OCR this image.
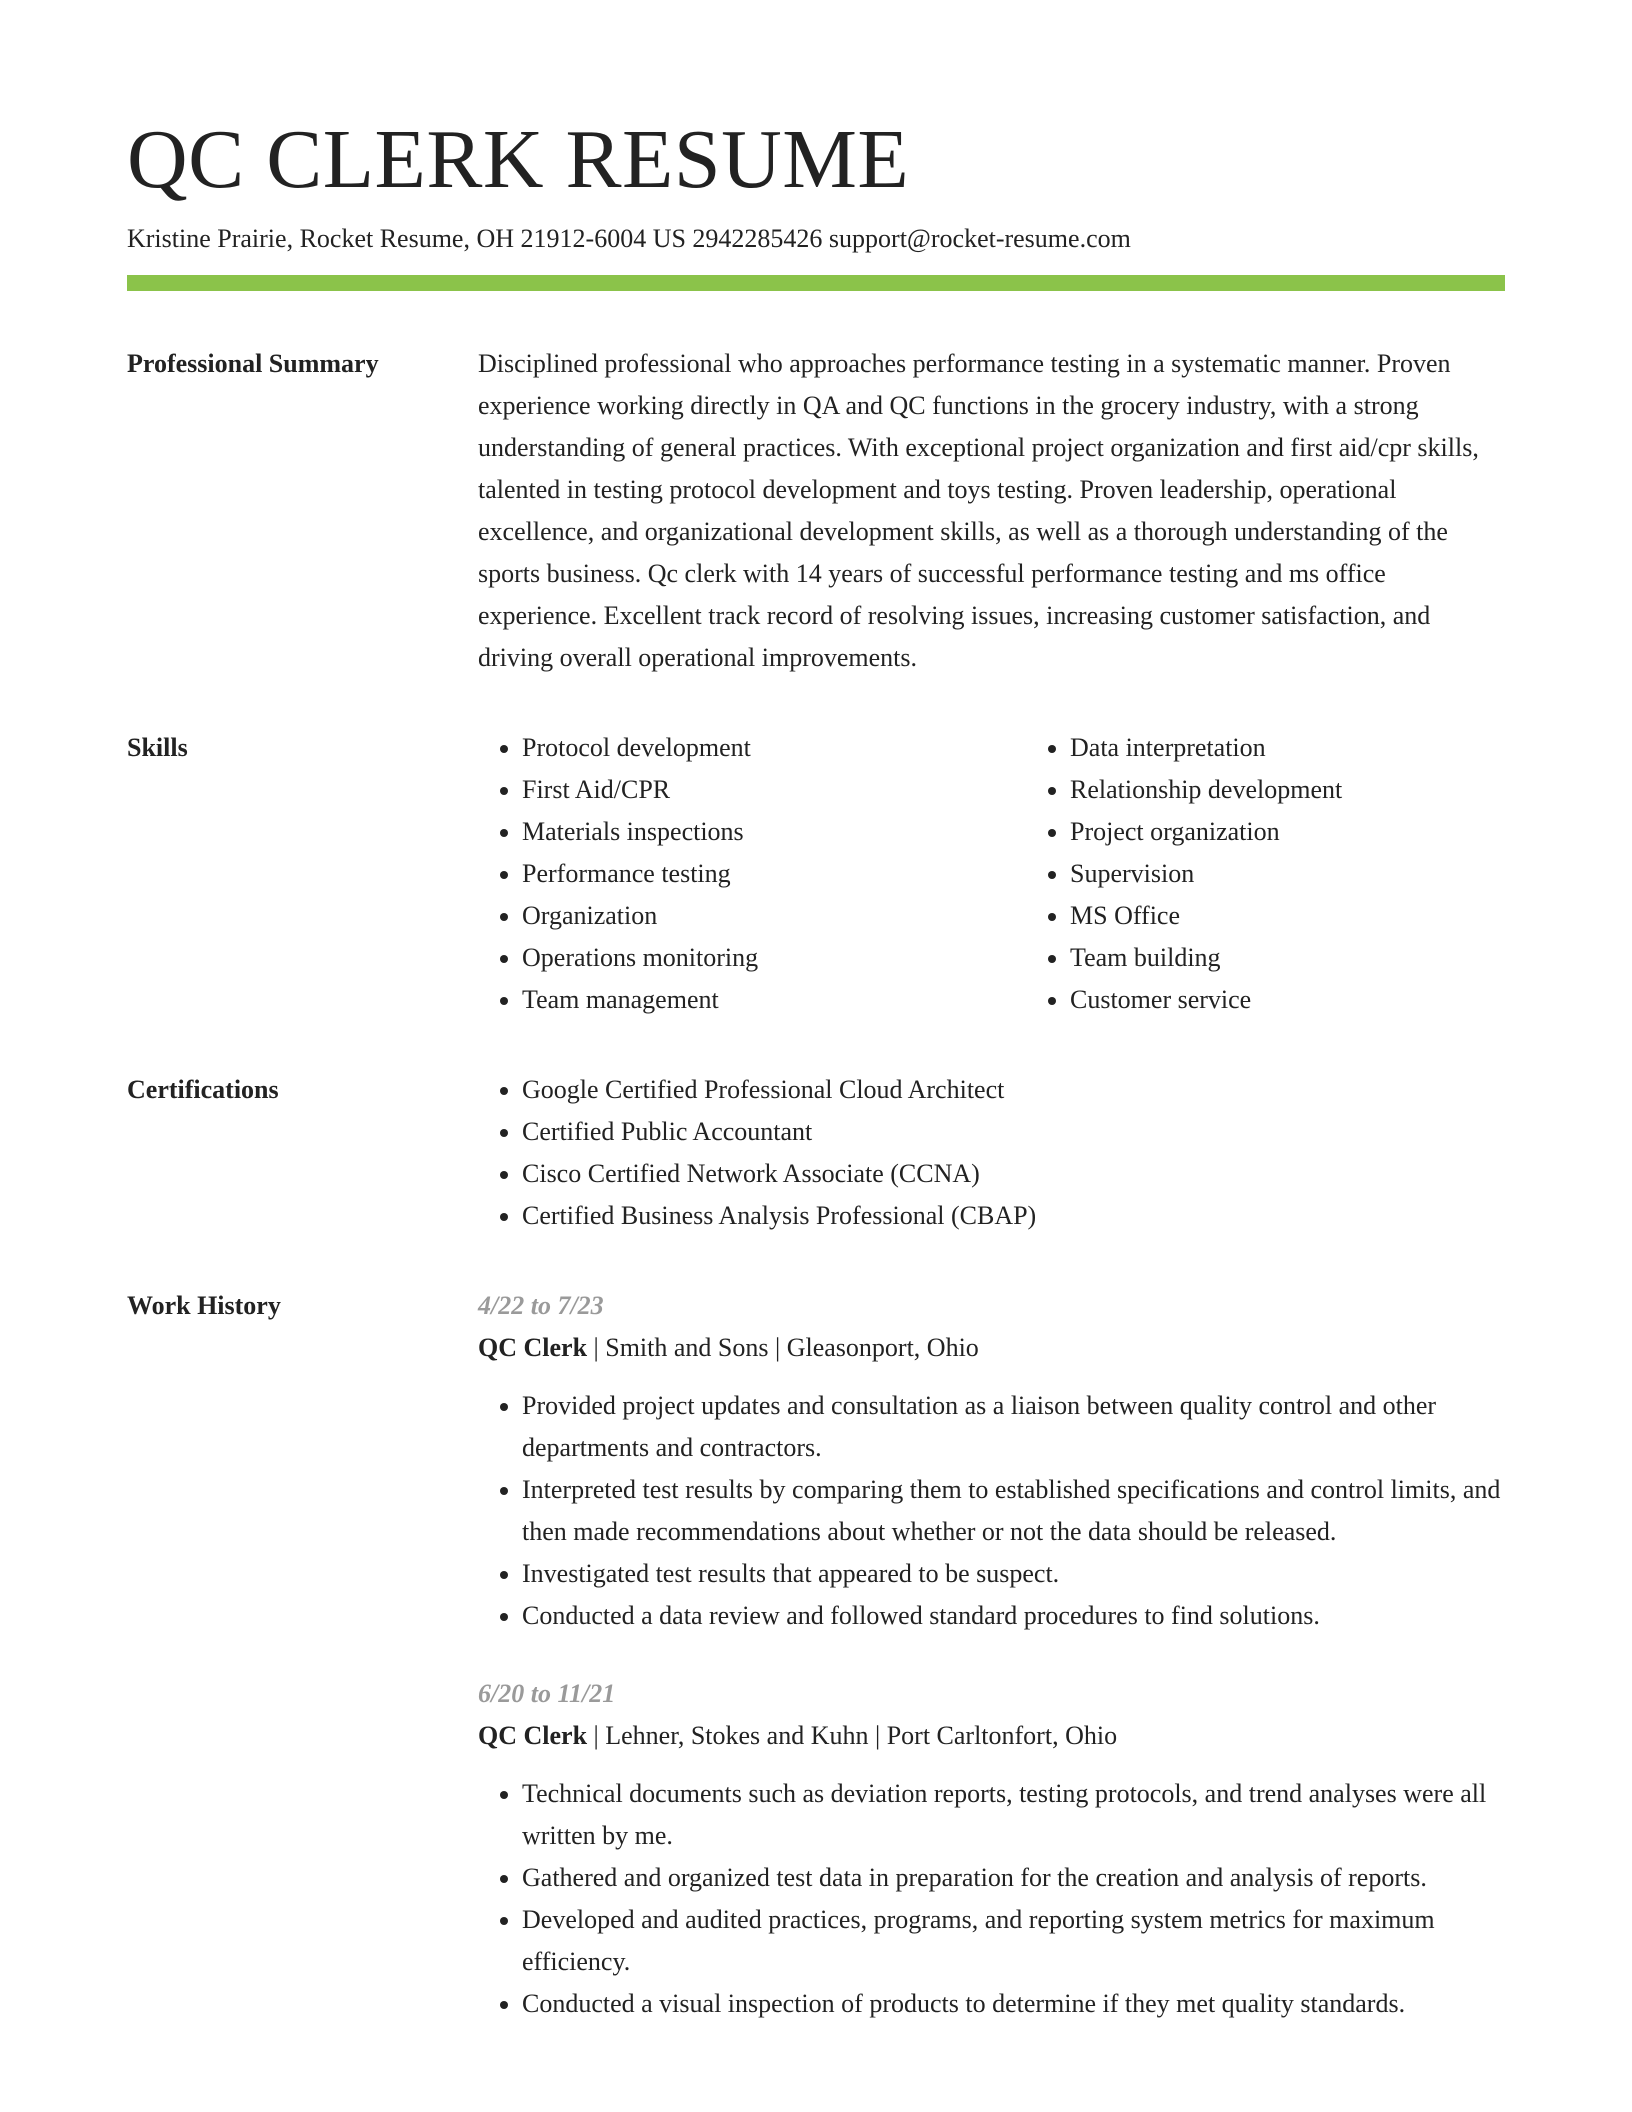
QC CLERK RESUME
Kristine Prairie, Rocket Resume, OH 21912-6004 US 2942285426 support@rocket-resume.com
Professional Summary	Disciplined professional who approaches performance testing in a systematic manner. Proven experience working directly in QA and QC functions in the grocery industry, with a strong understanding of general practices. With exceptional project organization and first aid/cpr skills, talented in testing protocol development and toys testing. Proven leadership, operational excellence, and organizational development skills, as well as a thorough understanding of the sports business. Qc clerk with 14 years of successful performance testing and ms office experience. Excellent track record of resolving issues, increasing customer satisfaction, and driving overall operational improvements.

Skills	• Protocol development
• First Aid/CPR
• Materials inspections
• Performance testing
• Organization
• Operations monitoring
• Team management
• Data interpretation
• Relationship development
• Project organization
• Supervision
• MS Office
• Team building
• Customer service
Certifications	• Google Certified Professional Cloud Architect
• Certified Public Accountant
• Cisco Certified Network Associate (CCNA)
• Certified Business Analysis Professional (CBAP)
Work History	4/22 to 7/23
QC Clerk | Smith and Sons | Gleasonport, Ohio
• Provided project updates and consultation as a liaison between quality control and other departments and contractors.
• Interpreted test results by comparing them to established specifications and control limits, and then made recommendations about whether or not the data should be released.
• Investigated test results that appeared to be suspect.
• Conducted a data review and followed standard procedures to find solutions.
6/20 to 11/21
QC Clerk | Lehner, Stokes and Kuhn | Port Carltonfort, Ohio
• Technical documents such as deviation reports, testing protocols, and trend analyses were all written by me.
• Gathered and organized test data in preparation for the creation and analysis of reports.
• Developed and audited practices, programs, and reporting system metrics for maximum efficiency.
• Conducted a visual inspection of products to determine if they met quality standards.
